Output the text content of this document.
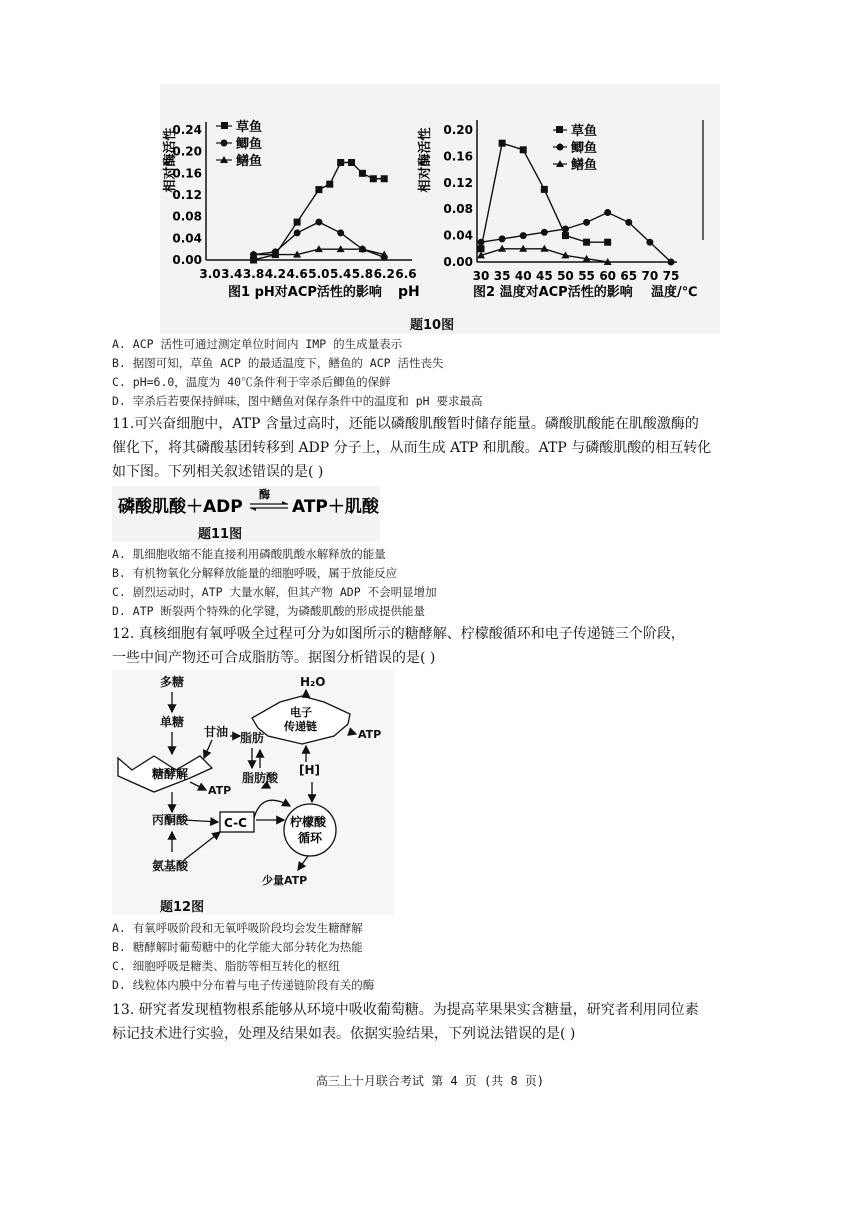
相对酶活性
0.24
0.20
0.16
0.12
0.08
0.04
0.00
3.0 3.4 3.8 4.2 4.6 5.0 5.4 5.8 6.2 6.6
草鱼
鲫鱼
鳝鱼
图1 pH对ACP活性的影响 pH
相对酶活性 0.20
0.16
0.12
0.08
0.04
0.00
30 35 40 45 50 55 60 65 70 75
草鱼
鲫鱼
鳝鱼
图2 温度对ACP活性的影响 温度/℃
题10图
A. ACP 活性可通过测定单位时间内 IMP 的生成量表示
B. 据图可知，草鱼 ACP 的最适温度下，鳝鱼的 ACP 活性丧失
C. pH=6.0，温度为 40℃条件利于宰杀后鲫鱼的保鲜
D. 宰杀后若要保持鲜味，图中鳝鱼对保存条件中的温度和 pH 要求最高
11.可兴奋细胞中，ATP 含量过高时，还能以磷酸肌酸暂时储存能量。磷酸肌酸能在肌酸激酶的
催化下，将其磷酸基团转移到 ADP 分子上，从而生成 ATP 和肌酸。ATP 与磷酸肌酸的相互转化
如下图。下列相关叙述错误的是( )
磷酸肌酸＋ADP
酶
ATP＋肌酸
题11图
A. 肌细胞收缩不能直接利用磷酸肌酸水解释放的能量
B. 有机物氧化分解释放能量的细胞呼吸，属于放能反应
C. 剧烈运动时，ATP 大量水解，但其产物 ADP 不会明显增加
D. ATP 断裂两个特殊的化学键，为磷酸肌酸的形成提供能量
12. 真核细胞有氧呼吸全过程可分为如图所示的糖酵解、柠檬酸循环和电子传递链三个阶段，
一些中间产物还可合成脂肪等。据图分析错误的是( )
多糖
单糖
甘油 脂肪
脂肪酸
H₂O
[H]
ATP
ATP
丙酮酸
氨基酸
少量ATP
糖酵解
电子
传递链
C-C	柠檬酸
循环
题12图
A. 有氧呼吸阶段和无氧呼吸阶段均会发生糖酵解
B. 糖酵解时葡萄糖中的化学能大部分转化为热能
C. 细胞呼吸是糖类、脂肪等相互转化的枢纽
D. 线粒体内膜中分布着与电子传递链阶段有关的酶
13. 研究者发现植物根系能够从环境中吸收葡萄糖。为提高苹果果实含糖量，研究者利用同位素
标记技术进行实验，处理及结果如表。依据实验结果，下列说法错误的是( )
高三上十月联合考试 第 4 页 (共 8 页)
